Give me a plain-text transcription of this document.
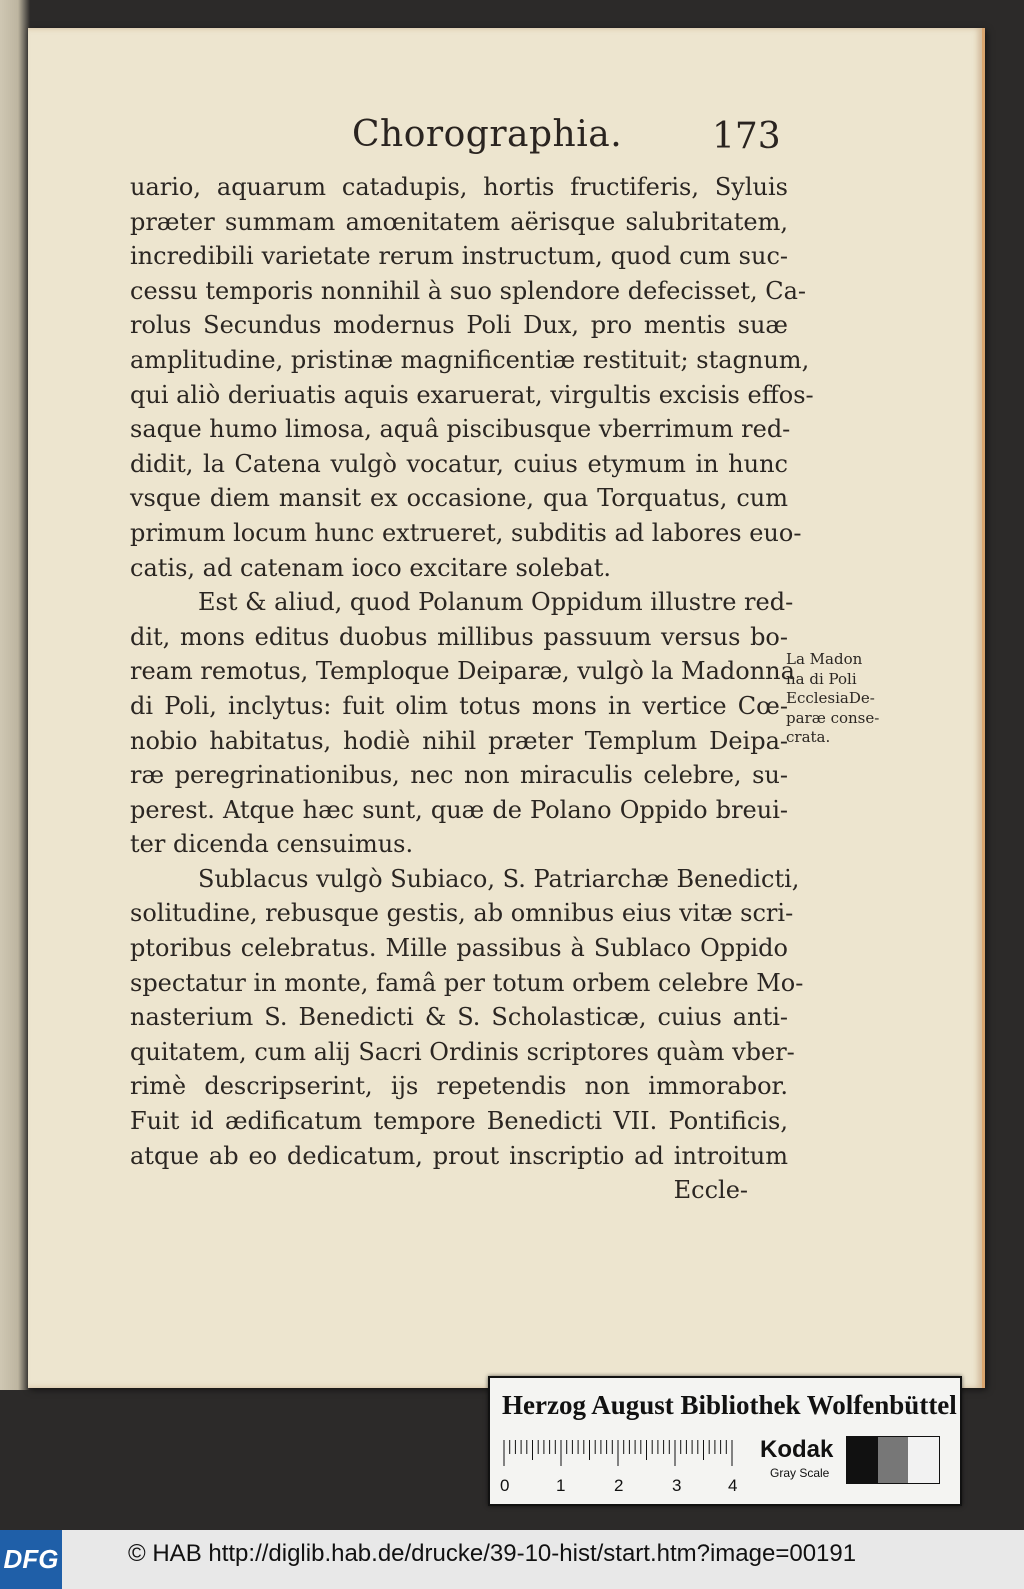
Chorographia. 173
uario, aquarum catadupis, hortis fructiferis, Syluis
præter summam amœnitatem aërisque salubritatem,
incredibili varietate rerum instructum, quod cum suc-
cessu temporis nonnihil à suo splendore defecisset, Ca-
rolus Secundus modernus Poli Dux, pro mentis suæ
amplitudine, pristinæ magnificentiæ restituit; stagnum,
qui aliò deriuatis aquis exaruerat, virgultis excisis effos-
saque humo limosa, aquâ piscibusque vberrimum red-
didit, la Catena vulgò vocatur, cuius etymum in hunc
vsque diem mansit ex occasione, qua Torquatus, cum
primum locum hunc extrueret, subditis ad labores euo-
catis, ad catenam ioco excitare solebat.
Est & aliud, quod Polanum Oppidum illustre red-
dit, mons editus duobus millibus passuum versus bo-
ream remotus, Temploque Deiparæ, vulgò la Madonna
di Poli, inclytus: fuit olim totus mons in vertice Cœ-
nobio habitatus, hodiè nihil præter Templum Deipa-
ræ peregrinationibus, nec non miraculis celebre, su-
perest. Atque hæc sunt, quæ de Polano Oppido breui-
ter dicenda censuimus.
Sublacus vulgò Subiaco, S. Patriarchæ Benedicti,
solitudine, rebusque gestis, ab omnibus eius vitæ scri-
ptoribus celebratus. Mille passibus à Sublaco Oppido
spectatur in monte, famâ per totum orbem celebre Mo-
nasterium S. Benedicti & S. Scholasticæ, cuius anti-
quitatem, cum alij Sacri Ordinis scriptores quàm vber-
rimè descripserint, ijs repetendis non immorabor.
Fuit id ædificatum tempore Benedicti VII. Pontificis,
atque ab eo dedicatum, prout inscriptio ad introitum
Eccle-
La Madon
na di Poli
EcclesiaDe-
paræ conse-
crata.
Herzog August Bibliothek Wolfenbüttel
0	1	2	3	4
Kodak
Gray Scale
DFG	© HAB http://diglib.hab.de/drucke/39-10-hist/start.htm?image=00191
